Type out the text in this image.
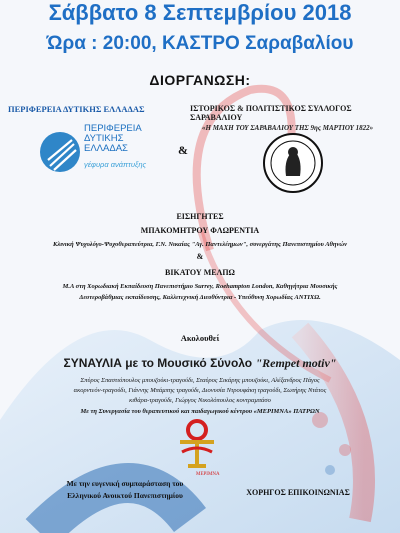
Σάββατο 8 Σεπτεμβρίου 2018
Ώρα : 20:00, ΚΑΣΤΡΟ Σαραβαλίου
ΔΙΟΡΓΑΝΩΣΗ:
ΠΕΡΙΦΕΡΕΙΑ ΔΥΤΙΚΗΣ ΕΛΛΑΔΑΣ	ΙΣΤΟΡΙΚΟΣ & ΠΟΛΙΤΙΣΤΙΚΟΣ ΣΥΛΛΟΓΟΣ ΣΑΡΑΒΑΛΙΟΥ
«Η ΜΑΧΗ ΤΟΥ ΣΑΡΑΒΑΛΙΟΥ ΤΗΣ 9ης ΜΑΡΤΙΟΥ 1822»
ΠΕΡΙΦΕΡΕΙΑ
ΔΥΤΙΚΗΣ
ΕΛΛΑΔΑΣ
γέφυρα ανάπτυξης
&
ΕΙΣΗΓΗΤΕΣ
ΜΠΑΚΟΜΗΤΡΟΥ ΦΛΩΡΕΝΤΙΑ
Κλινική Ψυχολόγο-Ψυχοθεραπεύτρια, Γ.Ν. Νικαίας "Αγ. Παντελέημων", συνεργάτης Πανεπιστημίου Αθηνών
&
ΒΙΚΑΤΟΥ ΜΕΛΠΩ
Μ.Α στη Χορωδιακή Εκπαίδευση Πανεπιστήμιο Surrey, Roehampton London, Καθηγήτρια Μουσικής
Δευτεροβάθμιας εκπαίδευσης, Καλλιτεχνική Διευθύντρια - Υπεύθυνη Χορωδίας ΑΝΤΙΧΩ.
Ακολουθεί
ΣΥΝΑΥΛΙΑ με το Μουσικό Σύνολο "Rempet motiv"
Σπύρος Σπαστιόπουλος μπουζούκι-τραγούδι, Σταύρος Σικάρης μπουζούκι, Αλέξανδρος Πάγος
ακορντεόν-τραγούδι, Γιάννης Μπάμπης τραγούδι, Διονυσία Ντρουφάκη τραγούδι, Σωτήρης Ντάτος
κιθάρα-τραγούδι, Γιώργος Νικολόπουλος κοντραμπάσο
Με τη Συνεργασία του θεραπευτικού και παιδαγωγικού κέντρου «ΜΕΡΙΜΝΑ» ΠΑΤΡΩΝ
ΜΕΡΙΜΝΑ
Με την ευγενική συμπαράσταση του
Ελληνικού Ανοικτού Πανεπιστημίου	ΧΟΡΗΓΟΣ ΕΠΙΚΟΙΝΩΝΙΑΣ
